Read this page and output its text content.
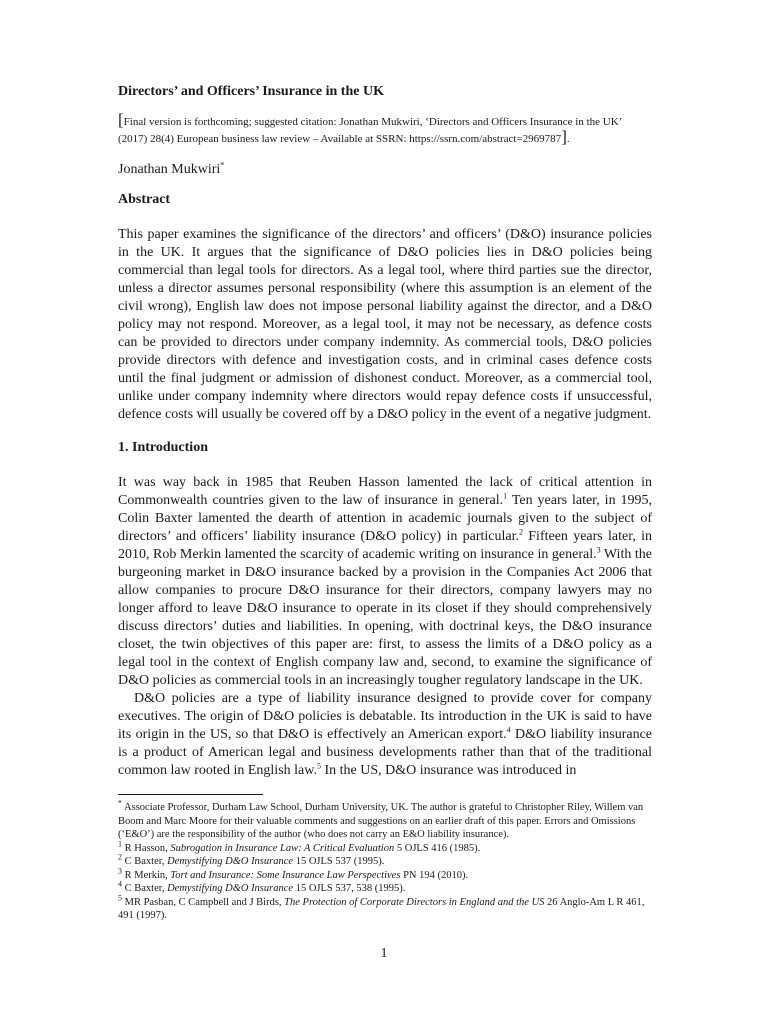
Directors’ and Officers’ Insurance in the UK
[Final version is forthcoming; suggested citation: Jonathan Mukwiri, ‘Directors and Officers Insurance in the UK’ (2017) 28(4) European business law review – Available at SSRN: https://ssrn.com/abstract=2969787].
Jonathan Mukwiri*
Abstract

This paper examines the significance of the directors’ and officers’ (D&O) insurance policies in the UK. It argues that the significance of D&O policies lies in D&O policies being commercial than legal tools for directors. As a legal tool, where third parties sue the director, unless a director assumes personal responsibility (where this assumption is an element of the civil wrong), English law does not impose personal liability against the director, and a D&O policy may not respond. Moreover, as a legal tool, it may not be necessary, as defence costs can be provided to directors under company indemnity. As commercial tools, D&O policies provide directors with defence and investigation costs, and in criminal cases defence costs until the final judgment or admission of dishonest conduct. Moreover, as a commercial tool, unlike under company indemnity where directors would repay defence costs if unsuccessful, defence costs will usually be covered off by a D&O policy in the event of a negative judgment.

1. Introduction

It was way back in 1985 that Reuben Hasson lamented the lack of critical attention in Commonwealth countries given to the law of insurance in general.$^1$ Ten years later, in 1995, Colin Baxter lamented the dearth of attention in academic journals given to the subject of directors’ and officers’ liability insurance (D&O policy) in particular.$^2$ Fifteen years later, in 2010, Rob Merkin lamented the scarcity of academic writing on insurance in general.$^3$ With the burgeoning market in D&O insurance backed by a provision in the Companies Act 2006 that allow companies to procure D&O insurance for their directors, company lawyers may no longer afford to leave D&O insurance to operate in its closet if they should comprehensively discuss directors’ duties and liabilities. In opening, with doctrinal keys, the D&O insurance closet, the twin objectives of this paper are: first, to assess the limits of a D&O policy as a legal tool in the context of English company law and, second, to examine the significance of D&O policies as commercial tools in an increasingly tougher regulatory landscape in the UK.

D&O policies are a type of liability insurance designed to provide cover for company executives. The origin of D&O policies is debatable. Its introduction in the UK is said to have its origin in the US, so that D&O is effectively an American export.$^4$ D&O liability insurance is a product of American legal and business developments rather than that of the traditional common law rooted in English law.$^5$ In the US, D&O insurance was introduced in

* Associate Professor, Durham Law School, Durham University, UK. The author is grateful to Christopher Riley, Willem van Boom and Marc Moore for their valuable comments and suggestions on an earlier draft of this paper. Errors and Omissions (‘E&O’) are the responsibility of the author (who does not carry an E&O liability insurance).
$^1$ R Hasson, Subrogation in Insurance Law: A Critical Evaluation 5 OJLS 416 (1985).
$^2$ C Baxter, Demystifying D&O Insurance 15 OJLS 537 (1995).
$^3$ R Merkin, Tort and Insurance: Some Insurance Law Perspectives PN 194 (2010).
$^4$ C Baxter, Demystifying D&O Insurance 15 OJLS 537, 538 (1995).
$^5$ MR Pasban, C Campbell and J Birds, The Protection of Corporate Directors in England and the US 26 Anglo-Am L R 461, 491 (1997).
1
